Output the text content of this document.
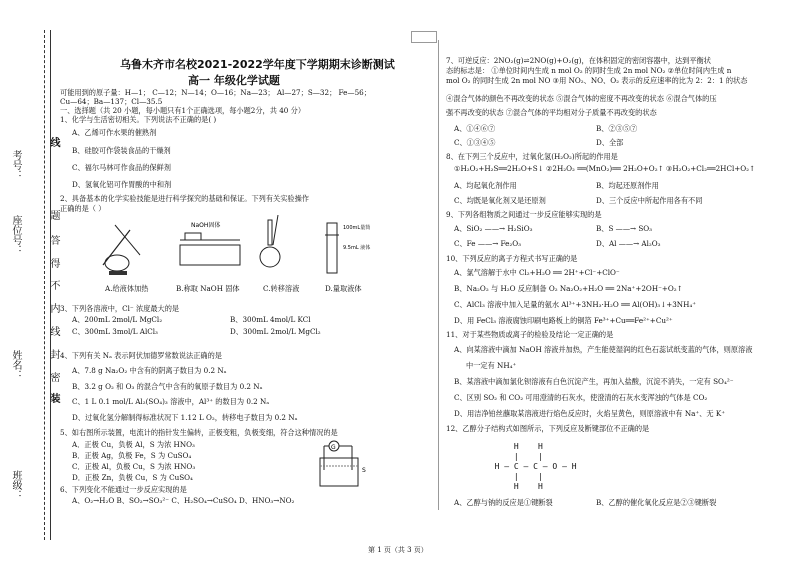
考号：
座位号：
姓名：
班级：
线
题
答
得
不
内
线
封
密
装
乌鲁木齐市名校2021-2022学年度下学期期末诊断测试
高一 年级化学试题
可能用到的原子量：H—1； C—12；N—14；O—16；Na—23； Al—27；S—32； Fe—56；
Cu—64；Ba—137；Cl—35.5
一、选择题（共 20 小题，每小题只有1个正确选项，每小题2分，共 40 分）
1、化学与生活密切相关。下列说法不正确的是( )
A、乙烯可作水果的催熟剂
B、硅胶可作袋装食品的干燥剂
C、福尔马林可作食品的保鲜剂
D、氢氧化铝可作胃酸的中和剂
2、具备基本的化学实验技能是进行科学探究的基础和保证。下列有关实验操作
正确的是（ ）
NaOH固体	100mL量筒
9.5mL 液体
A.给液体加热	B.称取 NaOH 固体	C.转移溶液	D.量取液体
3、下列各溶液中，Cl⁻ 浓度最大的是
A、200mL 2mol/L MgCl₂	B、300mL 4mol/L KCl
C、300mL 3mol/L AlCl₃	D、300mL 2mol/L MgCl₂
4、下列有关 Nₐ 表示阿伏加德罗常数说法正确的是
A、7.8 g Na₂O₂ 中含有的阴离子数目为 0.2 Nₐ
B、3.2 g O₂ 和 O₃ 的混合气中含有的氧原子数目为 0.2 Nₐ
C、1 L 0.1 mol/L Al₂(SO₄)₃ 溶液中，Al³⁺ 的数目为 0.2 Nₐ
D、过氧化氢分解制得标准状况下 1.12 L O₂，转移电子数目为 0.2 Nₐ
5、如右图所示装置，电流计的指针发生偏转，正极变粗，负极变细，符合这种情况的是
A．正极 Cu，负极 Al，S 为浓 HNO₃
B．正极 Ag，负极 Fe，S 为 CuSO₄
C．正极 Al，负极 Cu，S 为浓 HNO₃
D．正极 Zn，负极 Cu，S 为 CuSO₄
G
S
6、下列变化不能通过一步反应实现的是
A、O₂→H₂O B、SO₂→SO₃²⁻ C、H₂SO₄→CuSO₄ D、HNO₃→NO₂
7、可逆反应：2NO₂(g)⇌2NO(g)+O₂(g)，在体积固定的密闭容器中，达到平衡状
态的标志是： ①单位时间内生成 n mol O₂ 的同时生成 2n mol NO₂ ②单位时间内生成 n
mol O₂ 的同时生成 2n mol NO ③用 NO₂、NO、O₂ 表示的反应速率的比为 2：2：1 的状态
④混合气体的颜色不再改变的状态 ⑤混合气体的密度不再改变的状态 ⑥混合气体的压
强不再改变的状态 ⑦混合气体的平均相对分子质量不再改变的状态
A、①④⑥⑦	B、②③⑤⑦
C、①③④⑤	D、全部
8、在下列三个反应中，过氧化氢(H₂O₂)所起的作用是
①H₂O₂+H₂S══2H₂O+S↓ ②2H₂O₂ ══(MnO₂)══ 2H₂O+O₂↑ ③H₂O₂+Cl₂══2HCl+O₂↑
A、均起氧化剂作用	B、均起还原剂作用
C、均既是氧化剂又是还原剂	D、三个反应中所起作用各有不同
9、下列各组物质之间通过一步反应能够实现的是
A、SiO₂ ——→ H₂SiO₃	B、S ——→ SO₃
C、Fe ——→ Fe₂O₃	D、Al ——→ Al₂O₃
10、下列反应的离子方程式书写正确的是
A、氯气溶解于水中 Cl₂+H₂O ══ 2H⁺+Cl⁻+ClO⁻
B、Na₂O₂ 与 H₂O 反应制备 O₂ Na₂O₂+H₂O ══ 2Na⁺+2OH⁻+O₂↑
C、AlCl₃ 溶液中加入足量的氨水 Al³⁺+3NH₃·H₂O ══ Al(OH)₃↓+3NH₄⁺
D、用 FeCl₃ 溶液腐蚀印刷电路板上的铜箔 Fe³⁺+Cu══Fe²⁺+Cu²⁺
11、对于某些物质或离子的检验及结论一定正确的是
A、向某溶液中滴加 NaOH 溶液并加热，产生能使湿润的红色石蕊试纸变蓝的气体，则原溶液
中一定有 NH₄⁺
B、某溶液中滴加氯化钡溶液有白色沉淀产生，再加入盐酸，沉淀不消失，一定有 SO₄²⁻
C、区别 SO₂ 和 CO₂ 可用澄清的石灰水，使澄清的石灰水变浑浊的气体是 CO₂
D、用洁净铂丝蘸取某溶液进行焰色反应时，火焰呈黄色，则原溶液中有 Na⁺、无 K⁺
12、乙醇分子结构式如图所示，下列反应及断键部位不正确的是
H    H
|    |
H — C — C — O — H
|    |
H    H
A、乙醇与钠的反应是①键断裂	B、乙醇的催化氧化反应是②③键断裂
第 1 页（共 3 页）
